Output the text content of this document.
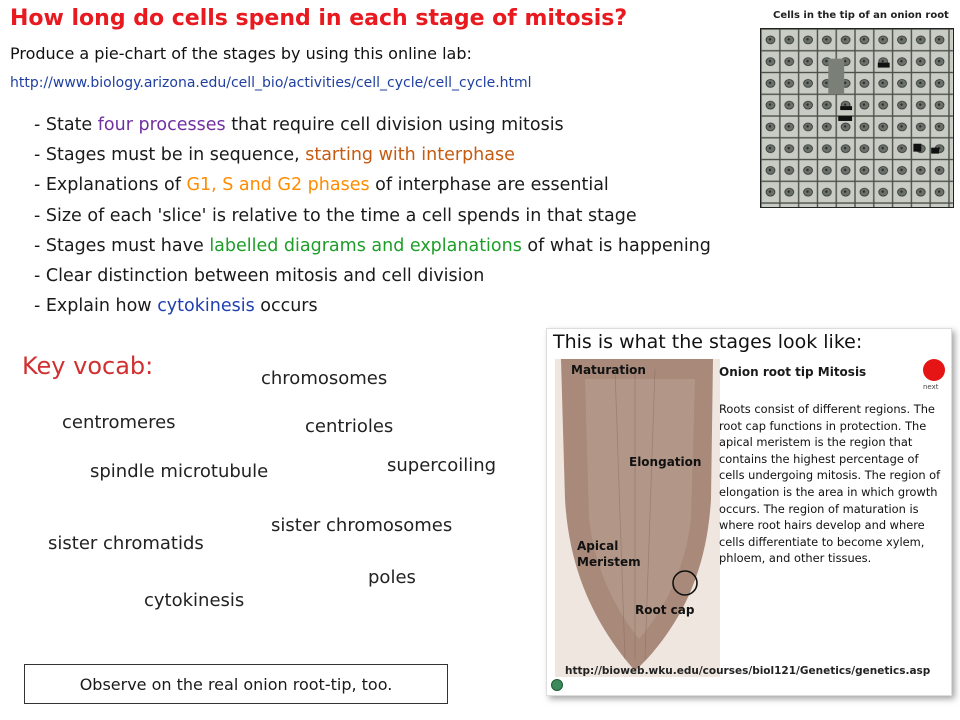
How long do cells spend in each stage of mitosis?
Produce a pie-chart of the stages by using this online lab:
http://www.biology.arizona.edu/cell_bio/activities/cell_cycle/cell_cycle.html
- State four processes that require cell division using mitosis
- Stages must be in sequence, starting with interphase
- Explanations of G1, S and G2 phases of interphase are essential
- Size of each 'slice' is relative to the time a cell spends in that stage
- Stages must have labelled diagrams and explanations of what is happening
- Clear distinction between mitosis and cell division
- Explain how cytokinesis occurs
Key vocab:	chromosomes
centromeres	centrioles
spindle microtubule	supercoiling
sister chromosomes
sister chromatids
poles
cytokinesis
Observe on the real onion root-tip, too.
Cells in the tip of an onion root
This is what the stages look like:
Maturation
Elongation
Apical
Meristem
Root cap
Onion root tip Mitosis
next

Roots consist of different regions. The root cap functions in protection. The apical meristem is the region that contains the highest percentage of cells undergoing mitosis. The region of elongation is the area in which growth occurs. The region of maturation is where root hairs develop and where cells differentiate to become xylem, phloem, and other tissues.

http://bioweb.wku.edu/courses/biol121/Genetics/genetics.asp
